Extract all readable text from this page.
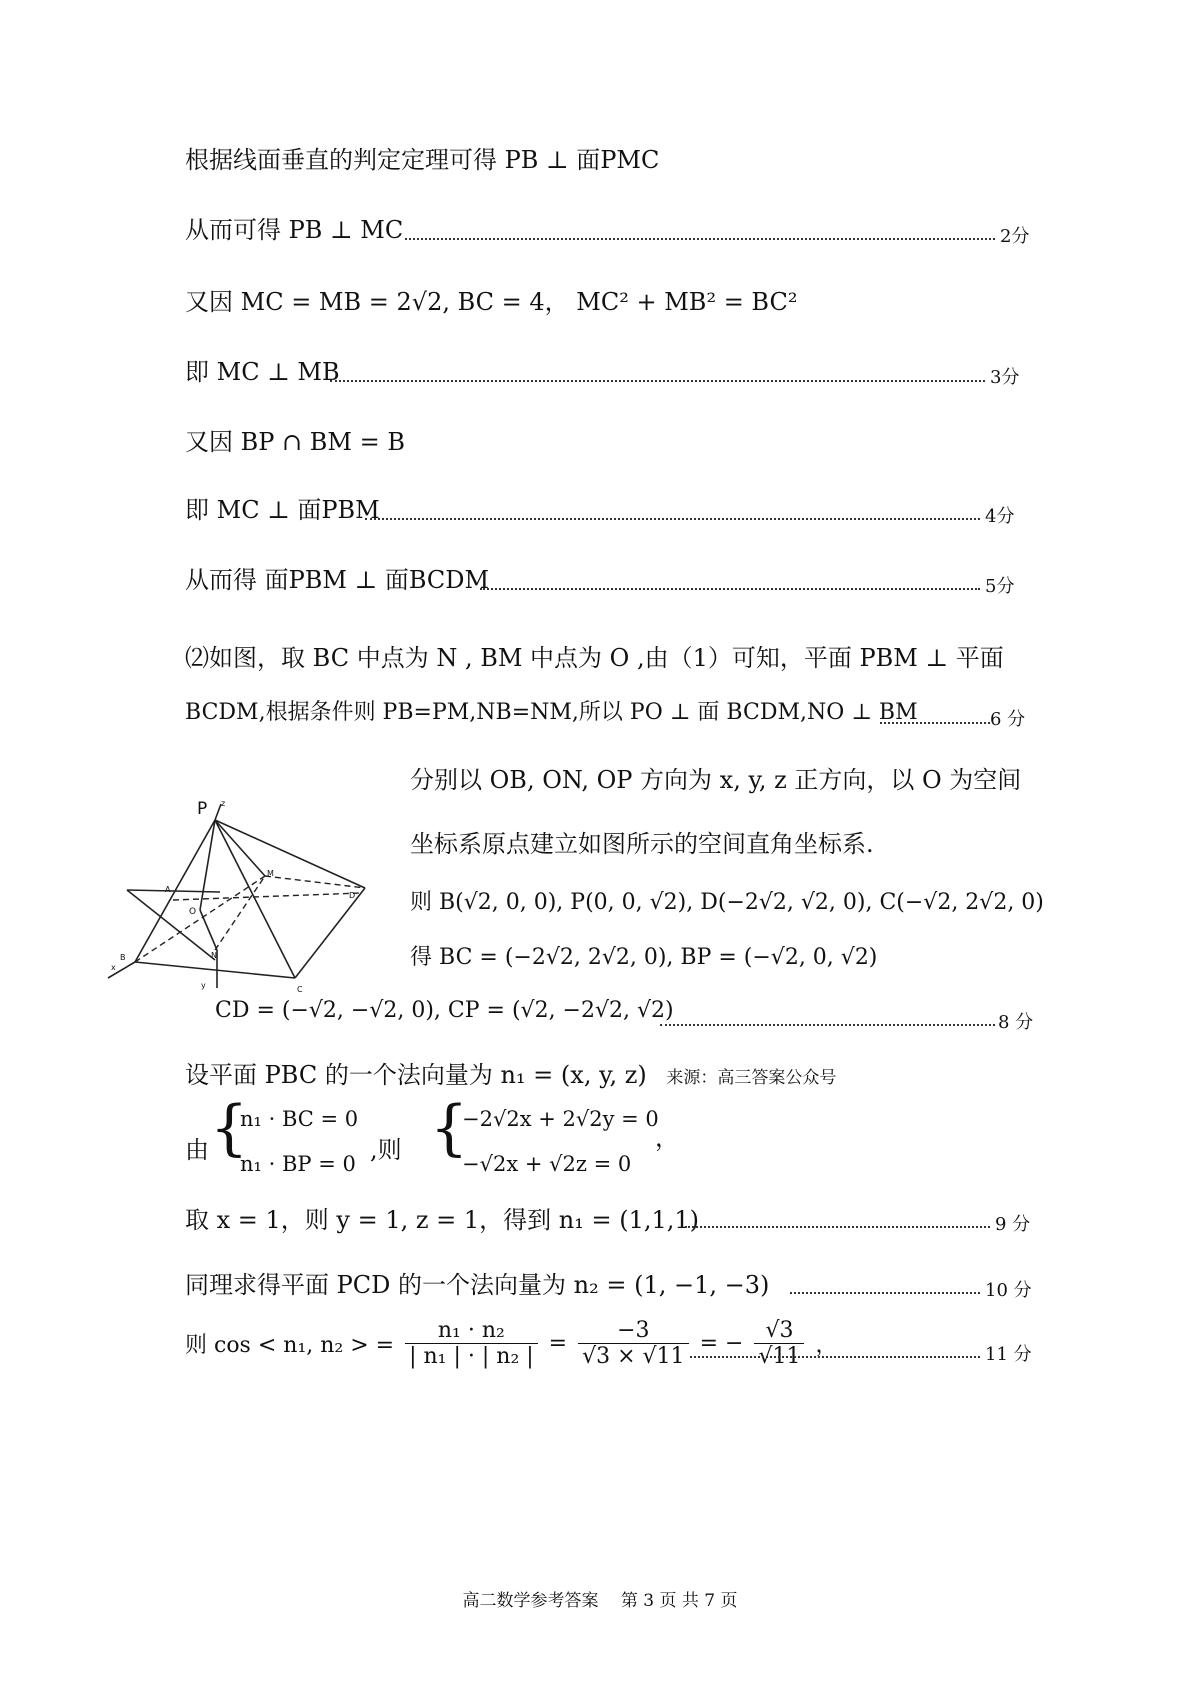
根据线面垂直的判定定理可得 PB ⊥ 面PMC
从而可得 PB ⊥ MC	2分
又因 MC = MB = 2√2, BC = 4， MC² + MB² = BC²
即 MC ⊥ MB	3分
又因 BP ∩ BM = B
即 MC ⊥ 面PBM	4分
从而得 面PBM ⊥ 面BCDM	5分
⑵如图，取 BC 中点为 N , BM 中点为 O ,由（1）可知，平面 PBM ⊥ 平面
BCDM,根据条件则 PB=PM,NB=NM,所以 PO ⊥ 面 BCDM,NO ⊥ BM	6 分
P z
A
M
D
O
B
x
N
y	C
分别以 OB, ON, OP 方向为 x, y, z 正方向，以 O 为空间
坐标系原点建立如图所示的空间直角坐标系.
则 B(√2, 0, 0), P(0, 0, √2), D(−2√2, √2, 0), C(−√2, 2√2, 0)
得 BC = (−2√2, 2√2, 0), BP = (−√2, 0, √2)
CD = (−√2, −√2, 0), CP = (√2, −2√2, √2)	8 分
设平面 PBC 的一个法向量为 n₁ = (x, y, z) 来源：高三答案公众号
由 {
n₁ · BC = 0
n₁ · BP = 0 ,则 {
−2√2x + 2√2y = 0
−√2x + √2z = 0
，
取 x = 1，则 y = 1, z = 1，得到 n₁ = (1,1,1)	9 分
同理求得平面 PCD 的一个法向量为 n₂ = (1, −1, −3)	10 分
则 cos < n₁, n₂ > = $\frac{\text{n₁ · n₂}}{\text{| n₁ | · | n₂ |}} = \frac{-3}{√3 \times √11}$ = − $\frac{√3}{√11}$ ，	11 分
高二数学参考答案　 第 3 页 共 7 页
